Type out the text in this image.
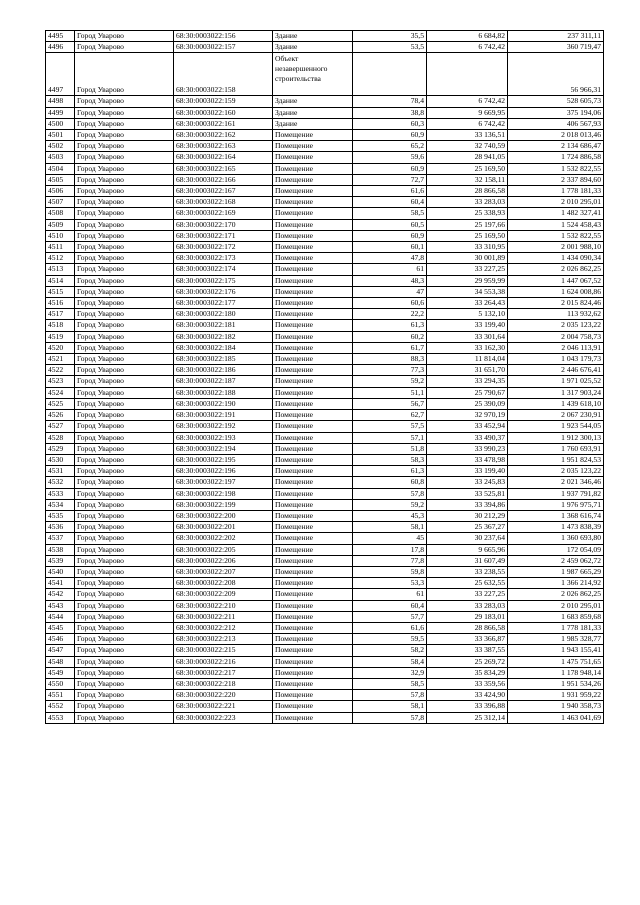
4495	Город Уварово	68:30:0003022:156	Здание	35,5	6 684,82	237 311,11
4496	Город Уварово	68:30:0003022:157	Здание	53,5	6 742,42	360 719,47
4497	Город Уварово	68:30:0003022:158	Объект незавершенного строительства			56 966,31
4498	Город Уварово	68:30:0003022:159	Здание	78,4	6 742,42	528 605,73
4499	Город Уварово	68:30:0003022:160	Здание	38,8	9 669,95	375 194,06
4500	Город Уварово	68:30:0003022:161	Здание	60,3	6 742,42	406 567,93
4501	Город Уварово	68:30:0003022:162	Помещение	60,9	33 136,51	2 018 013,46
4502	Город Уварово	68:30:0003022:163	Помещение	65,2	32 740,59	2 134 686,47
4503	Город Уварово	68:30:0003022:164	Помещение	59,6	28 941,05	1 724 886,58
4504	Город Уварово	68:30:0003022:165	Помещение	60,9	25 169,50	1 532 822,55
4505	Город Уварово	68:30:0003022:166	Помещение	72,7	32 158,11	2 337 894,60
4506	Город Уварово	68:30:0003022:167	Помещение	61,6	28 866,58	1 778 181,33
4507	Город Уварово	68:30:0003022:168	Помещение	60,4	33 283,03	2 010 295,01
4508	Город Уварово	68:30:0003022:169	Помещение	58,5	25 338,93	1 482 327,41
4509	Город Уварово	68:30:0003022:170	Помещение	60,5	25 197,66	1 524 458,43
4510	Город Уварово	68:30:0003022:171	Помещение	60,9	25 169,50	1 532 822,55
4511	Город Уварово	68:30:0003022:172	Помещение	60,1	33 310,95	2 001 988,10
4512	Город Уварово	68:30:0003022:173	Помещение	47,8	30 001,89	1 434 090,34
4513	Город Уварово	68:30:0003022:174	Помещение	61	33 227,25	2 026 862,25
4514	Город Уварово	68:30:0003022:175	Помещение	48,3	29 959,99	1 447 067,52
4515	Город Уварово	68:30:0003022:176	Помещение	47	34 553,38	1 624 008,86
4516	Город Уварово	68:30:0003022:177	Помещение	60,6	33 264,43	2 015 824,46
4517	Город Уварово	68:30:0003022:180	Помещение	22,2	5 132,10	113 932,62
4518	Город Уварово	68:30:0003022:181	Помещение	61,3	33 199,40	2 035 123,22
4519	Город Уварово	68:30:0003022:182	Помещение	60,2	33 301,64	2 004 758,73
4520	Город Уварово	68:30:0003022:184	Помещение	61,7	33 162,30	2 046 113,91
4521	Город Уварово	68:30:0003022:185	Помещение	88,3	11 814,04	1 043 179,73
4522	Город Уварово	68:30:0003022:186	Помещение	77,3	31 651,70	2 446 676,41
4523	Город Уварово	68:30:0003022:187	Помещение	59,2	33 294,35	1 971 025,52
4524	Город Уварово	68:30:0003022:188	Помещение	51,1	25 790,67	1 317 903,24
4525	Город Уварово	68:30:0003022:190	Помещение	56,7	25 390,09	1 439 618,10
4526	Город Уварово	68:30:0003022:191	Помещение	62,7	32 970,19	2 067 230,91
4527	Город Уварово	68:30:0003022:192	Помещение	57,5	33 452,94	1 923 544,05
4528	Город Уварово	68:30:0003022:193	Помещение	57,1	33 490,37	1 912 300,13
4529	Город Уварово	68:30:0003022:194	Помещение	51,8	33 990,23	1 760 693,91
4530	Город Уварово	68:30:0003022:195	Помещение	58,3	33 478,98	1 951 824,53
4531	Город Уварово	68:30:0003022:196	Помещение	61,3	33 199,40	2 035 123,22
4532	Город Уварово	68:30:0003022:197	Помещение	60,8	33 245,83	2 021 346,46
4533	Город Уварово	68:30:0003022:198	Помещение	57,8	33 525,81	1 937 791,82
4534	Город Уварово	68:30:0003022:199	Помещение	59,2	33 394,86	1 976 975,71
4535	Город Уварово	68:30:0003022:200	Помещение	45,3	30 212,29	1 368 616,74
4536	Город Уварово	68:30:0003022:201	Помещение	58,1	25 367,27	1 473 838,39
4537	Город Уварово	68:30:0003022:202	Помещение	45	30 237,64	1 360 693,80
4538	Город Уварово	68:30:0003022:205	Помещение	17,8	9 665,96	172 054,09
4539	Город Уварово	68:30:0003022:206	Помещение	77,8	31 607,49	2 459 062,72
4540	Город Уварово	68:30:0003022:207	Помещение	59,8	33 238,55	1 987 665,29
4541	Город Уварово	68:30:0003022:208	Помещение	53,3	25 632,55	1 366 214,92
4542	Город Уварово	68:30:0003022:209	Помещение	61	33 227,25	2 026 862,25
4543	Город Уварово	68:30:0003022:210	Помещение	60,4	33 283,03	2 010 295,01
4544	Город Уварово	68:30:0003022:211	Помещение	57,7	29 183,01	1 683 859,68
4545	Город Уварово	68:30:0003022:212	Помещение	61,6	28 866,58	1 778 181,33
4546	Город Уварово	68:30:0003022:213	Помещение	59,5	33 366,87	1 985 328,77
4547	Город Уварово	68:30:0003022:215	Помещение	58,2	33 387,55	1 943 155,41
4548	Город Уварово	68:30:0003022:216	Помещение	58,4	25 269,72	1 475 751,65
4549	Город Уварово	68:30:0003022:217	Помещение	32,9	35 834,29	1 178 948,14
4550	Город Уварово	68:30:0003022:218	Помещение	58,5	33 359,56	1 951 534,26
4551	Город Уварово	68:30:0003022:220	Помещение	57,8	33 424,90	1 931 959,22
4552	Город Уварово	68:30:0003022:221	Помещение	58,1	33 396,88	1 940 358,73
4553	Город Уварово	68:30:0003022:223	Помещение	57,8	25 312,14	1 463 041,69
